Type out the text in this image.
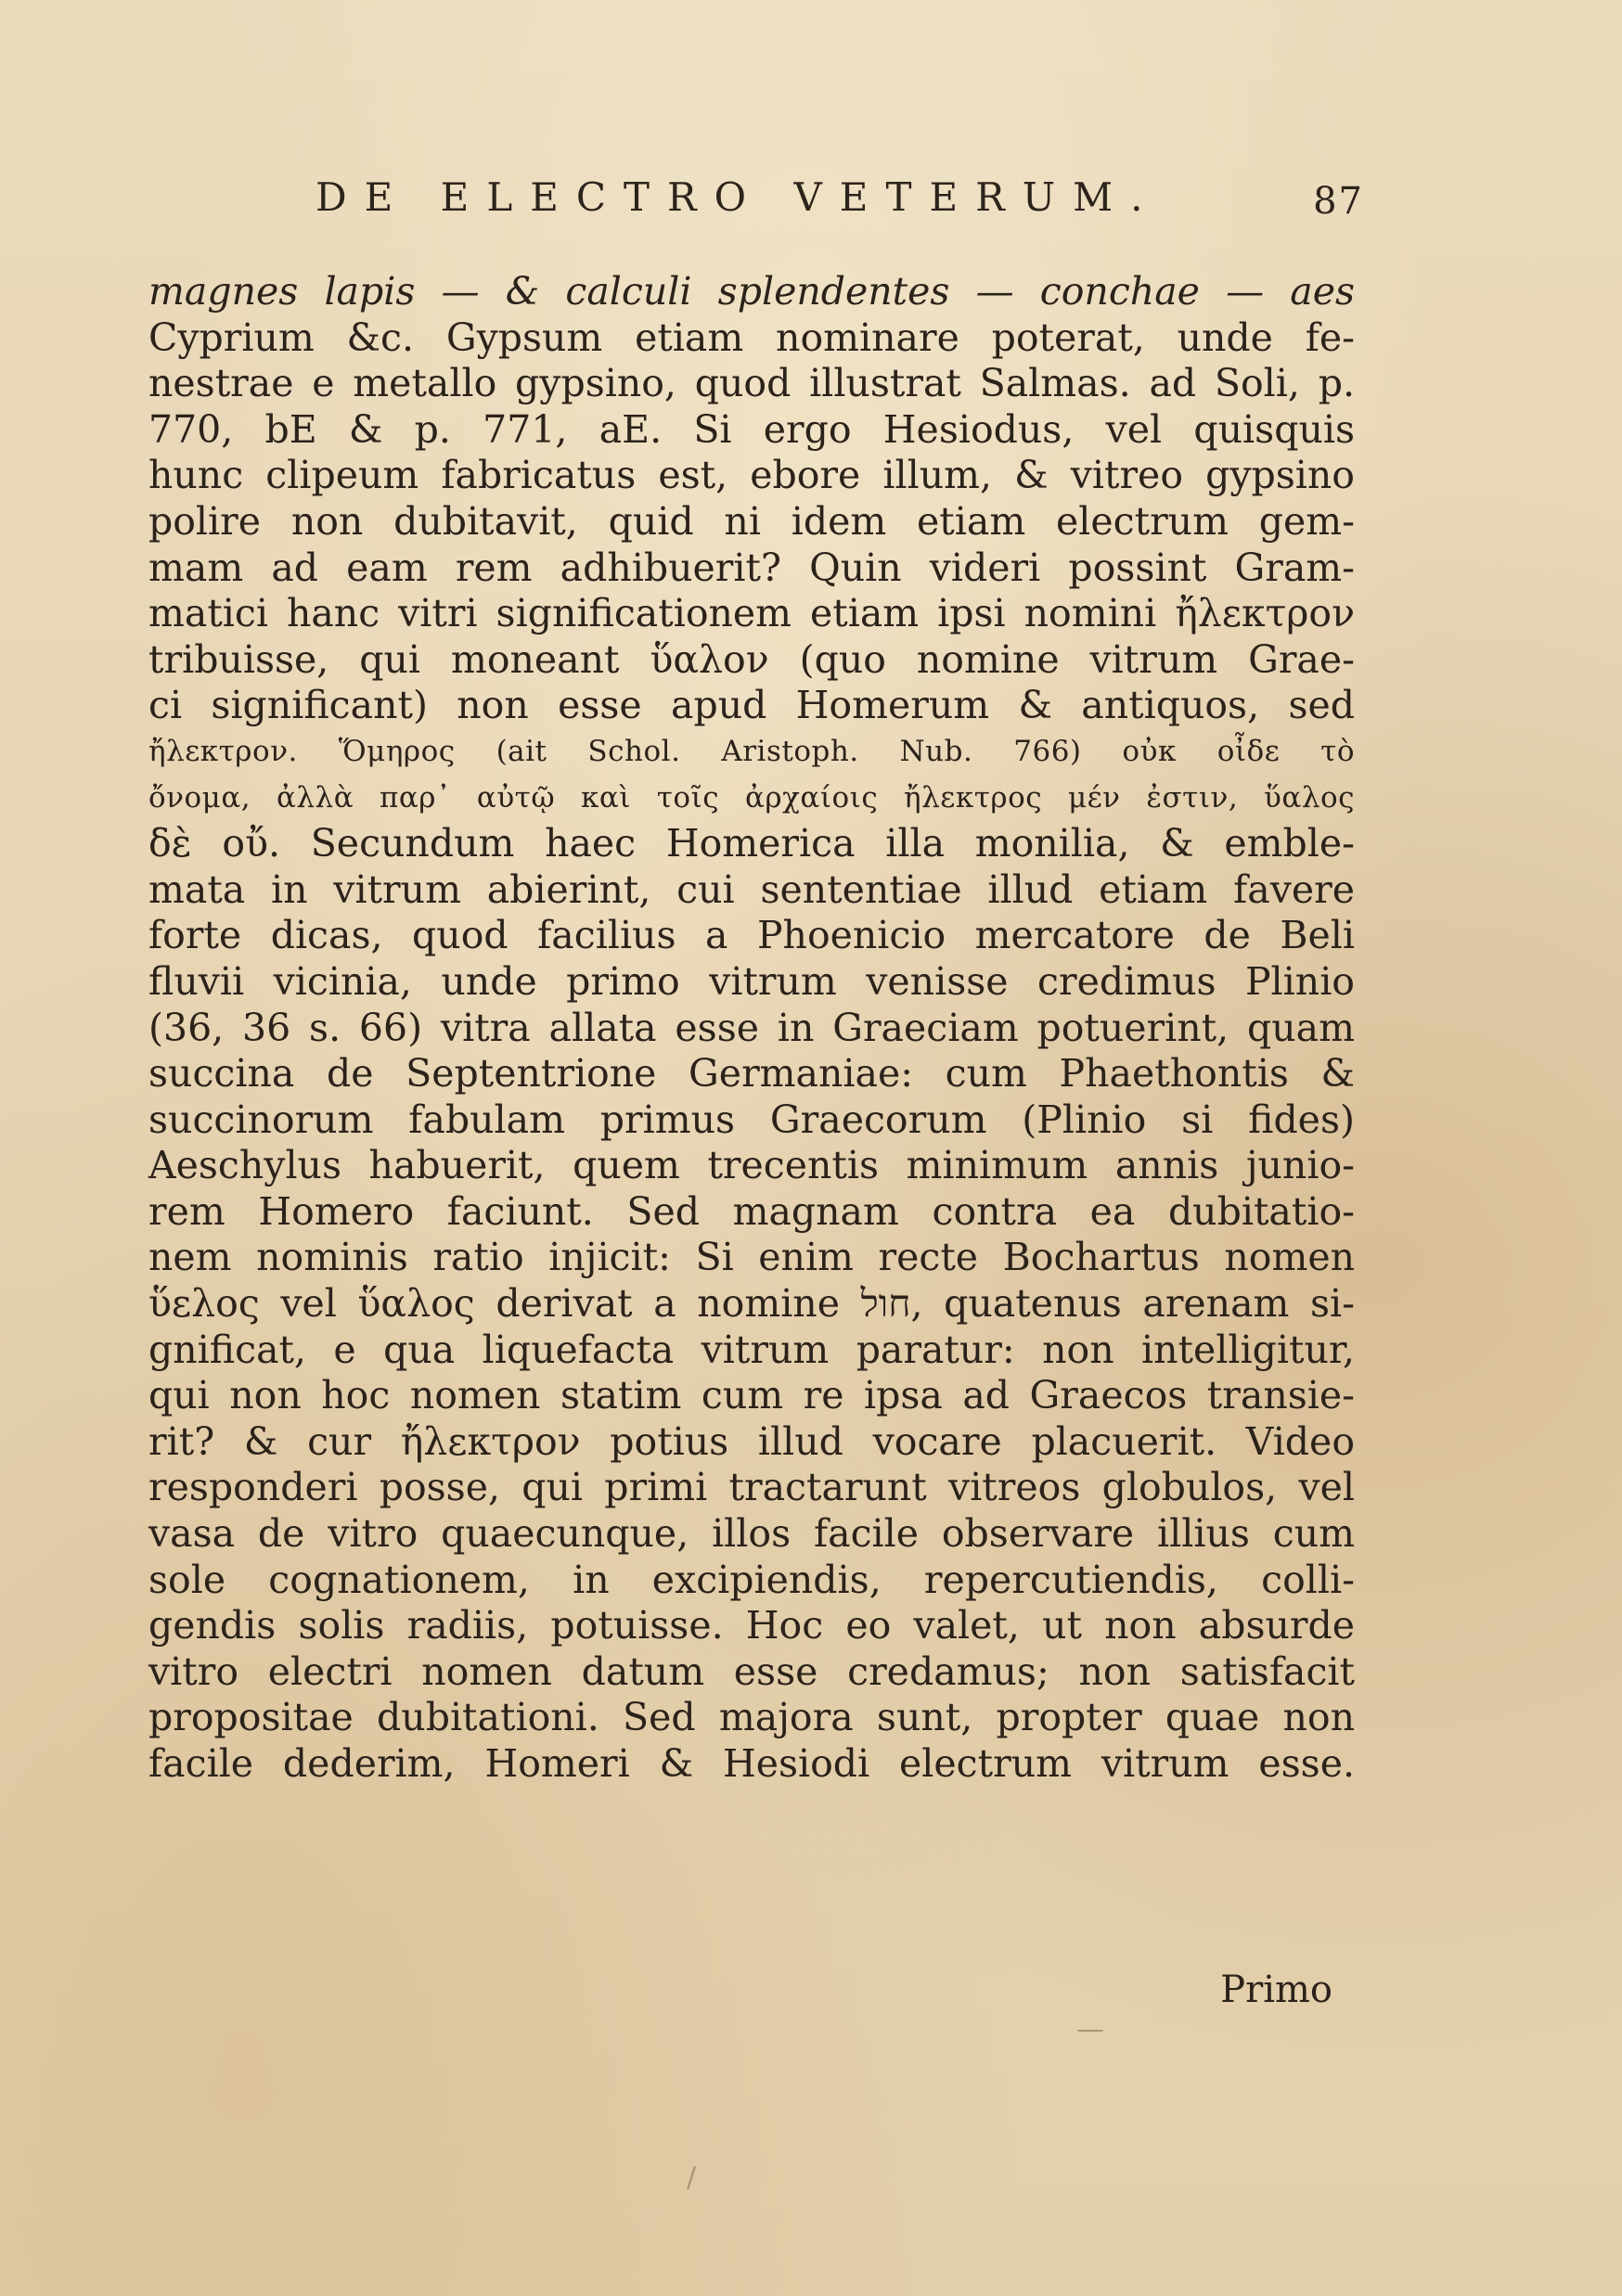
DE ELECTRO VETERUM.	87
magnes lapis — & calculi splendentes — conchae — aes
Cyprium &c. Gypsum etiam nominare poterat, unde fe-
nestrae e metallo gypsino, quod illustrat Salmas. ad Soli, p.
770, bE & p. 771, aE. Si ergo Hesiodus, vel quisquis
hunc clipeum fabricatus est, ebore illum, & vitreo gypsino
polire non dubitavit, quid ni idem etiam electrum gem-
mam ad eam rem adhibuerit? Quin videri possint Gram-
matici hanc vitri significationem etiam ipsi nomini ἤλεκτρον
tribuisse, qui moneant ὕαλον (quo nomine vitrum Grae-
ci significant) non esse apud Homerum & antiquos, sed
ἤλεκτρον. Ὅμηρος (ait Schol. Aristoph. Nub. 766) οὐκ οἶδε τὸ
ὄνομα, ἀλλὰ παρ᾽ αὐτῷ καὶ τοῖς ἀρχαίοις ἤλεκτρος μέν ἐστιν, ὕαλος
δὲ οὔ. Secundum haec Homerica illa monilia, & emble-
mata in vitrum abierint, cui sententiae illud etiam favere
forte dicas, quod facilius a Phoenicio mercatore de Beli
fluvii vicinia, unde primo vitrum venisse credimus Plinio
(36, 36 s. 66) vitra allata esse in Graeciam potuerint, quam
succina de Septentrione Germaniae: cum Phaethontis &
succinorum fabulam primus Graecorum (Plinio si fides)
Aeschylus habuerit, quem trecentis minimum annis junio-
rem Homero faciunt. Sed magnam contra ea dubitatio-
nem nominis ratio injicit: Si enim recte Bochartus nomen
ὕελος vel ὕαλος derivat a nomine חול, quatenus arenam si-
gnificat, e qua liquefacta vitrum paratur: non intelligitur,
qui non hoc nomen statim cum re ipsa ad Graecos transie-
rit? & cur ἤλεκτρον potius illud vocare placuerit. Video
responderi posse, qui primi tractarunt vitreos globulos, vel
vasa de vitro quaecunque, illos facile observare illius cum
sole cognationem, in excipiendis, repercutiendis, colli-
gendis solis radiis, potuisse. Hoc eo valet, ut non absurde
vitro electri nomen datum esse credamus; non satisfacit
propositae dubitationi. Sed majora sunt, propter quae non
facile dederim, Homeri & Hesiodi electrum vitrum esse.
Primo
—
/
